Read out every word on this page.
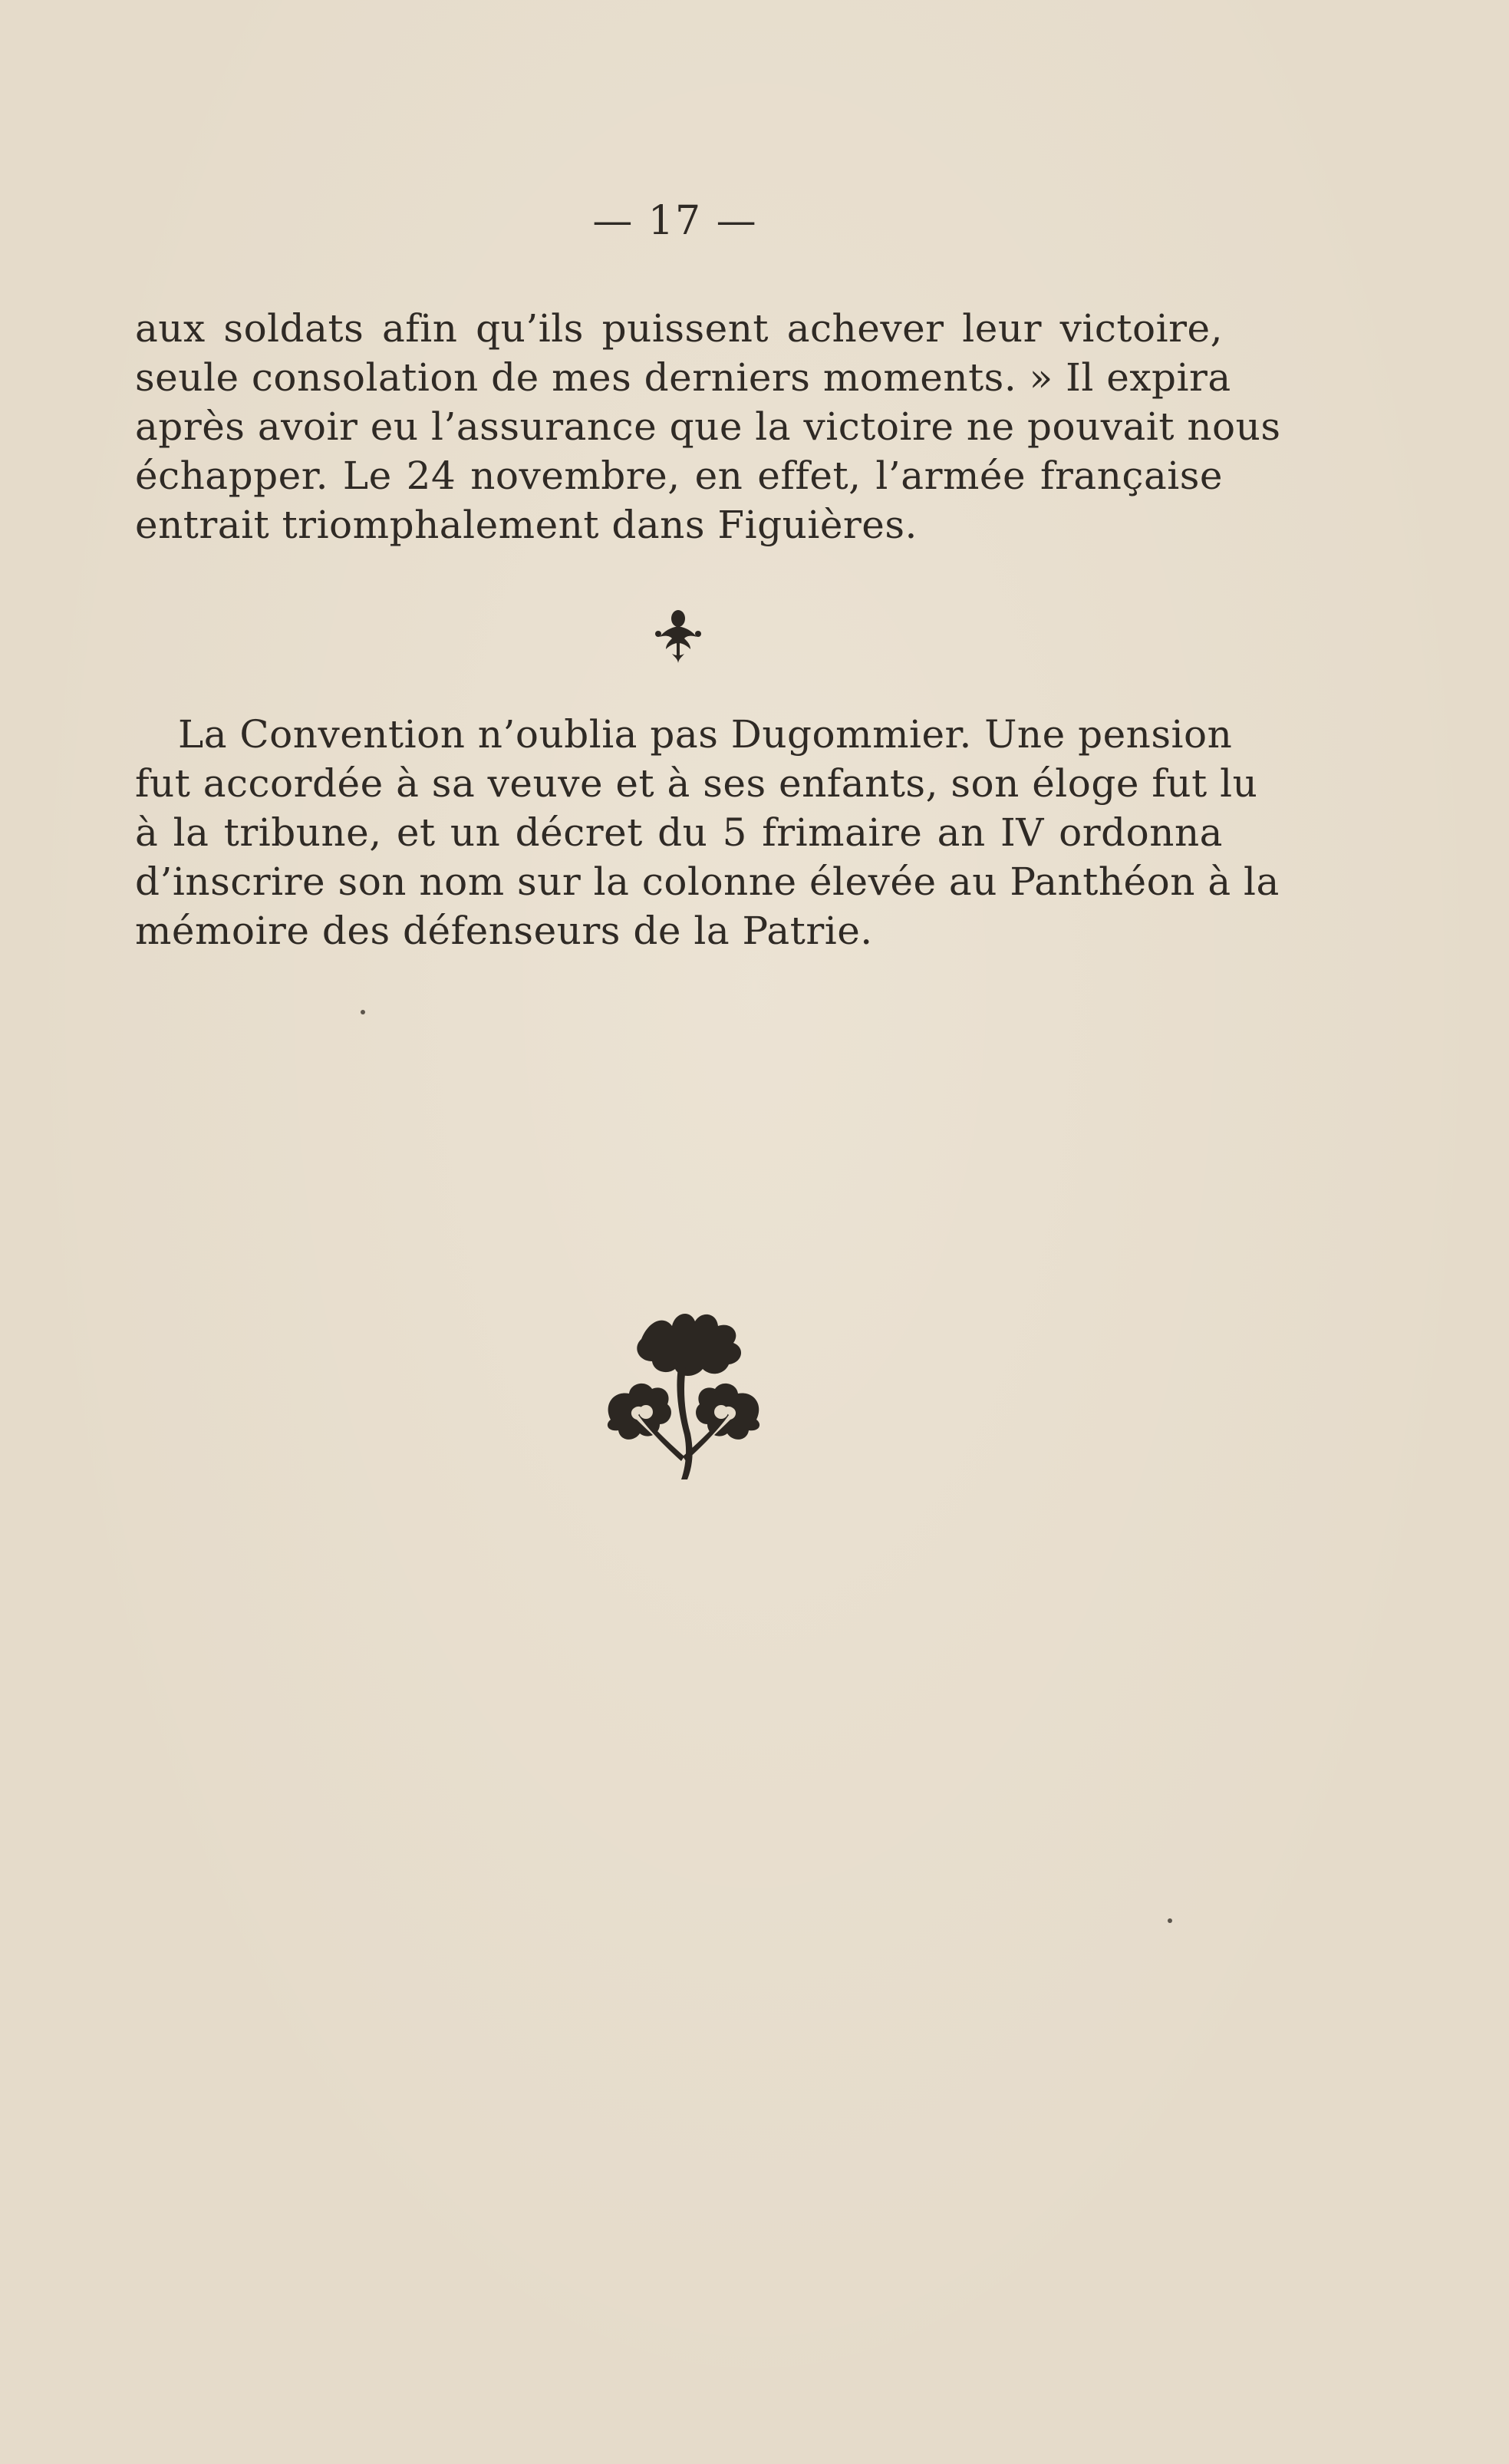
— 17 —
aux soldats afin qu’ils puissent achever leur victoire,
seule consolation de mes derniers moments. » Il expira
après avoir eu l’assurance que la victoire ne pouvait nous
échapper. Le 24 novembre, en effet, l’armée française
entrait triomphalement dans Figuières.
La Convention n’oublia pas Dugommier. Une pension
fut accordée à sa veuve et à ses enfants, son éloge fut lu
à la tribune, et un décret du 5 frimaire an IV ordonna
d’inscrire son nom sur la colonne élevée au Panthéon à la
mémoire des défenseurs de la Patrie.
